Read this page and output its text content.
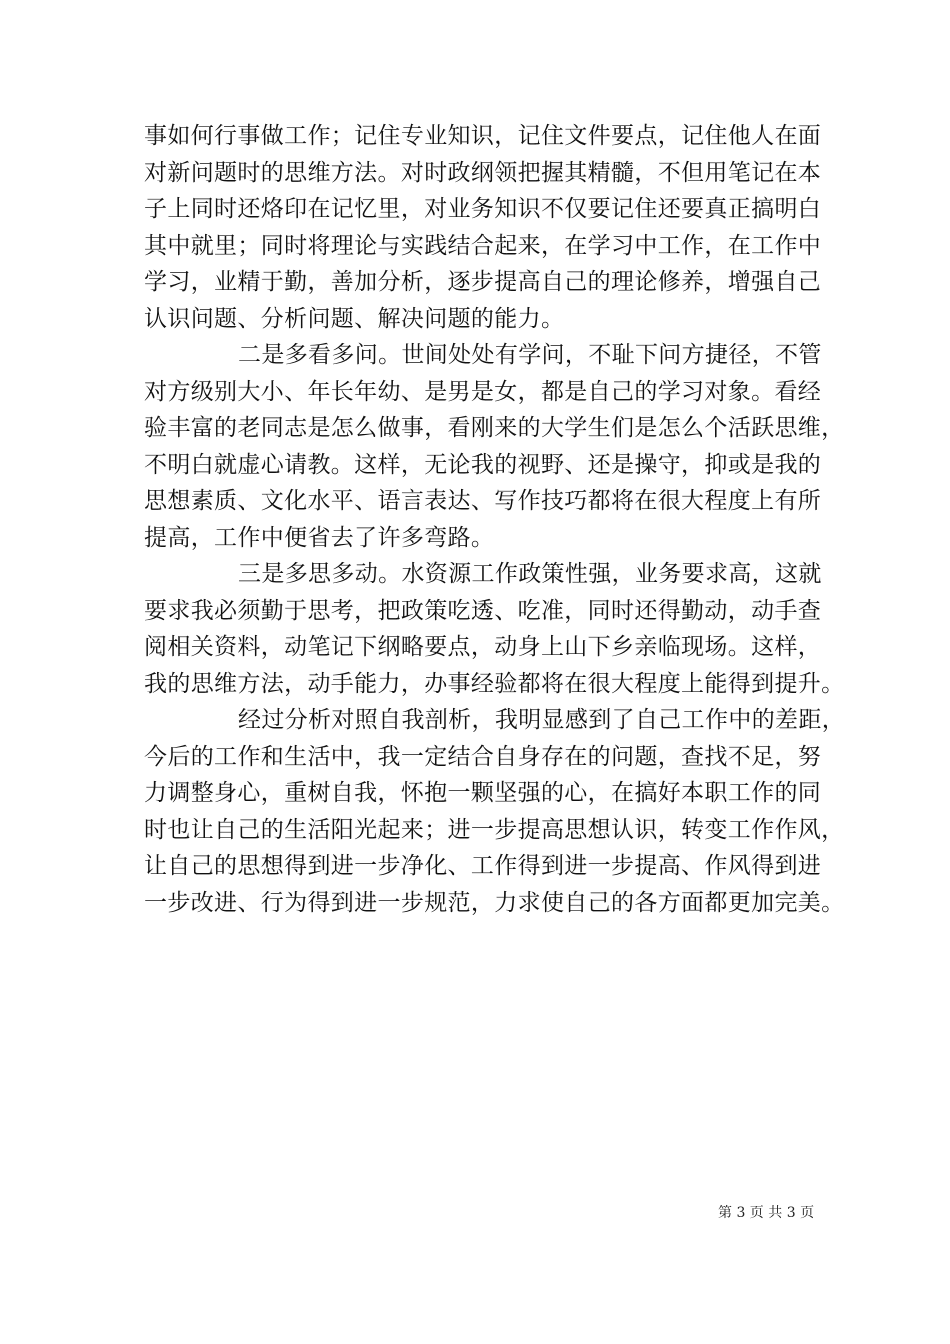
事如何行事做工作；记住专业知识，记住文件要点，记住他人在面
对新问题时的思维方法。对时政纲领把握其精髓，不但用笔记在本
子上同时还烙印在记忆里，对业务知识不仅要记住还要真正搞明白
其中就里；同时将理论与实践结合起来，在学习中工作，在工作中
学习，业精于勤，善加分析，逐步提高自己的理论修养，增强自己
认识问题、分析问题、解决问题的能力。
二是多看多问。世间处处有学问，不耻下问方捷径，不管
对方级别大小、年长年幼、是男是女，都是自己的学习对象。看经
验丰富的老同志是怎么做事，看刚来的大学生们是怎么个活跃思维，
不明白就虚心请教。这样，无论我的视野、还是操守，抑或是我的
思想素质、文化水平、语言表达、写作技巧都将在很大程度上有所
提高，工作中便省去了许多弯路。
三是多思多动。水资源工作政策性强，业务要求高，这就
要求我必须勤于思考，把政策吃透、吃准，同时还得勤动，动手查
阅相关资料，动笔记下纲略要点，动身上山下乡亲临现场。这样，
我的思维方法，动手能力，办事经验都将在很大程度上能得到提升。
经过分析对照自我剖析，我明显感到了自己工作中的差距，
今后的工作和生活中，我一定结合自身存在的问题，查找不足，努
力调整身心，重树自我，怀抱一颗坚强的心，在搞好本职工作的同
时也让自己的生活阳光起来；进一步提高思想认识，转变工作作风，
让自己的思想得到进一步净化、工作得到进一步提高、作风得到进
一步改进、行为得到进一步规范，力求使自己的各方面都更加完美。
第 3 页 共 3 页
